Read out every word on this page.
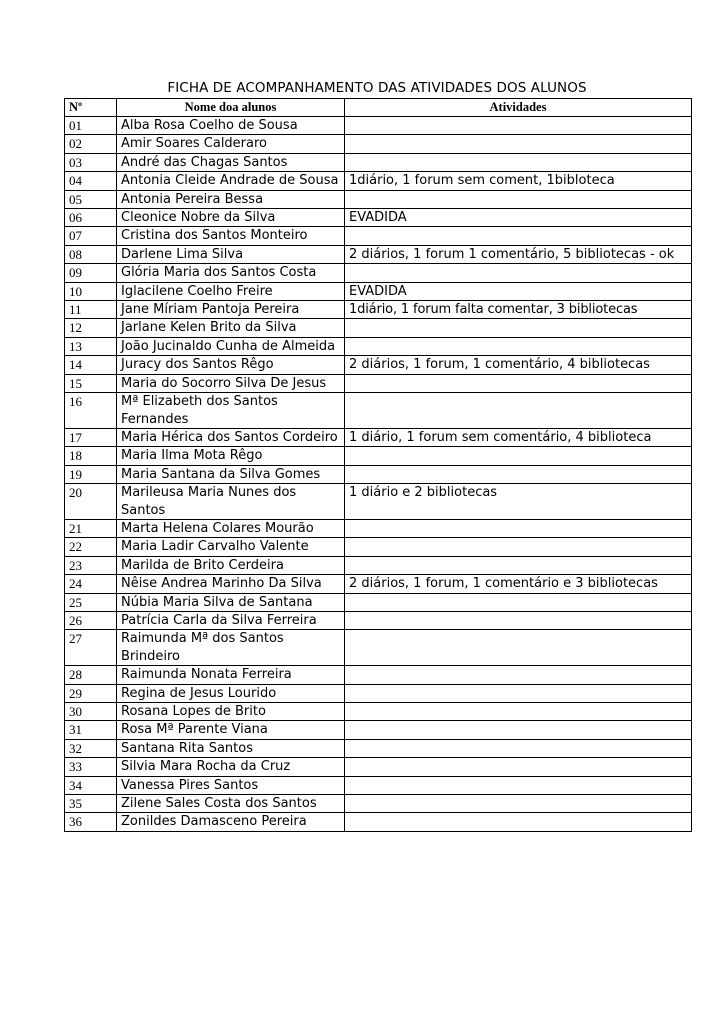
FICHA DE ACOMPANHAMENTO DAS ATIVIDADES DOS ALUNOS
Nº	Nome doa alunos	Atividades
01	Alba Rosa Coelho de Sousa	
02	Amir Soares Calderaro	
03	André das Chagas Santos	
04	Antonia Cleide Andrade de Sousa	1diário, 1 forum sem coment, 1bibloteca
05	Antonia Pereira Bessa	
06	Cleonice Nobre da Silva	EVADIDA
07	Cristina dos Santos Monteiro	
08	Darlene Lima Silva	2 diários, 1 forum 1 comentário, 5 bibliotecas - ok
09	Glória Maria dos Santos Costa	
10	Iglacilene Coelho Freire	EVADIDA
11	Jane Míriam Pantoja Pereira	1diário, 1 forum falta comentar, 3 bibliotecas
12	Jarlane Kelen Brito da Silva	
13	João Jucinaldo Cunha de Almeida	
14	Juracy dos Santos Rêgo	2 diários, 1 forum, 1 comentário, 4 bibliotecas
15	Maria do Socorro Silva De Jesus	
16	Mª Elizabeth dos Santos Fernandes	
17	Maria Hérica dos Santos Cordeiro	1 diário, 1 forum sem comentário, 4 biblioteca
18	Maria Ilma Mota Rêgo	
19	Maria Santana da Silva Gomes	
20	Marileusa Maria Nunes dos Santos	1 diário e 2 bibliotecas
21	Marta Helena Colares Mourão	
22	Maria Ladir Carvalho Valente	
23	Marilda de Brito Cerdeira	
24	Nêise Andrea Marinho Da Silva	2 diários, 1 forum, 1 comentário e 3 bibliotecas
25	Núbia Maria Silva de Santana	
26	Patrícia Carla da Silva Ferreira	
27	Raimunda Mª dos Santos Brindeiro	
28	Raimunda Nonata Ferreira	
29	Regina de Jesus Lourido	
30	Rosana Lopes de Brito	
31	Rosa Mª Parente Viana	
32	Santana Rita Santos	
33	Silvia Mara Rocha da Cruz	
34	Vanessa Pires Santos	
35	Zilene Sales Costa dos Santos	
36	Zonildes Damasceno Pereira	
